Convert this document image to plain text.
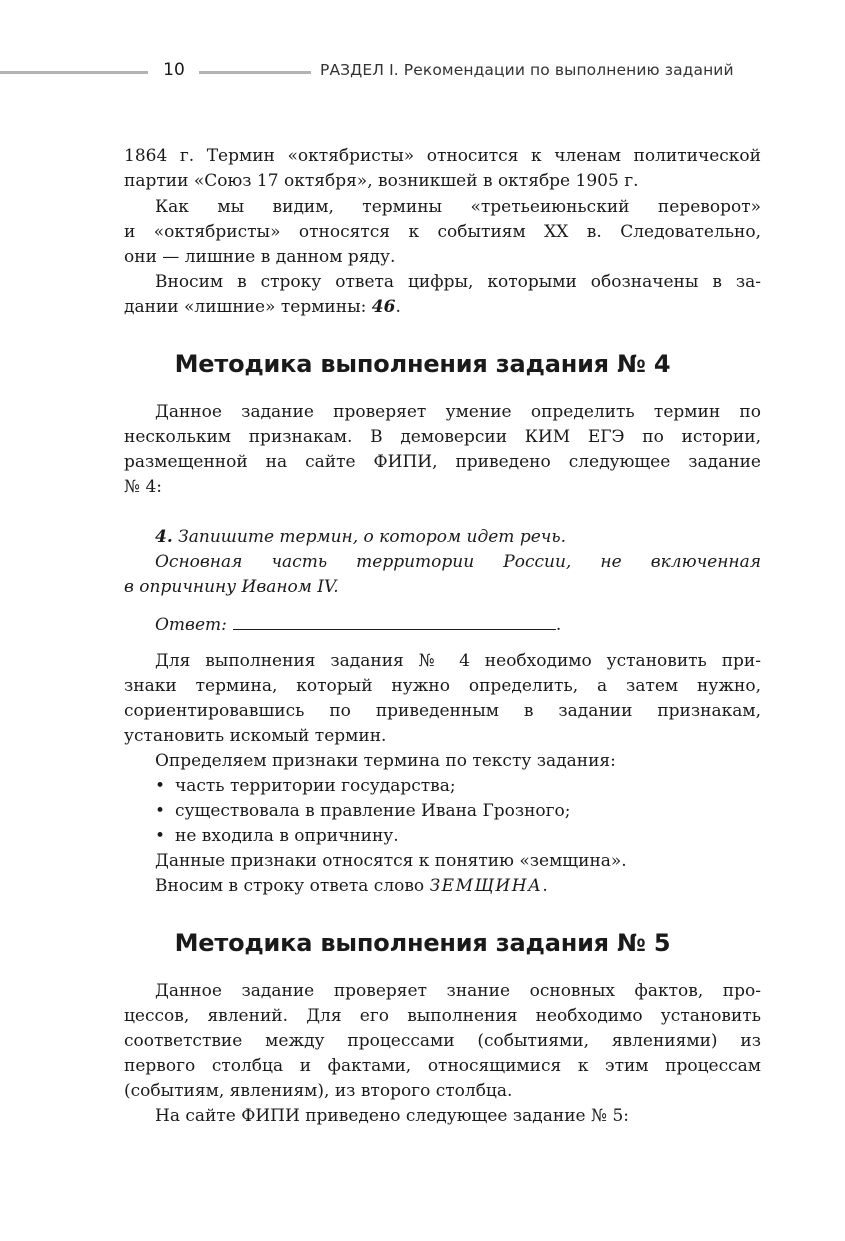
10	РАЗДЕЛ I. Рекомендации по выполнению заданий
1864 г. Термин «октябристы» относится к членам политической
партии «Союз 17 октября», возникшей в октябре 1905 г.
Как мы видим, термины «третьеиюньский переворот»
и «октябристы» относятся к событиям XX в. Следовательно,
они — лишние в данном ряду.
Вносим в строку ответа цифры, которыми обозначены в за-
дании «лишние» термины: 46.
Методика выполнения задания № 4
Данное задание проверяет умение определить термин по
нескольким признакам. В демоверсии КИМ ЕГЭ по истории,
размещенной на сайте ФИПИ, приведено следующее задание
№ 4:
4. Запишите термин, о котором идет речь.
Основная часть территории России, не включенная
в опричнину Иваном IV.
Ответ:	.
Для выполнения задания № 4 необходимо установить при-
знаки термина, который нужно определить, а затем нужно,
сориентировавшись по приведенным в задании признакам,
установить искомый термин.
Определяем признаки термина по тексту задания:
• часть территории государства;
• существовала в правление Ивана Грозного;
• не входила в опричнину.
Данные признаки относятся к понятию «земщина».
Вносим в строку ответа слово ЗЕМЩИНА.
Методика выполнения задания № 5
Данное задание проверяет знание основных фактов, про-
цессов, явлений. Для его выполнения необходимо установить
соответствие между процессами (событиями, явлениями) из
первого столбца и фактами, относящимися к этим процессам
(событиям, явлениям), из второго столбца.
На сайте ФИПИ приведено следующее задание № 5:
